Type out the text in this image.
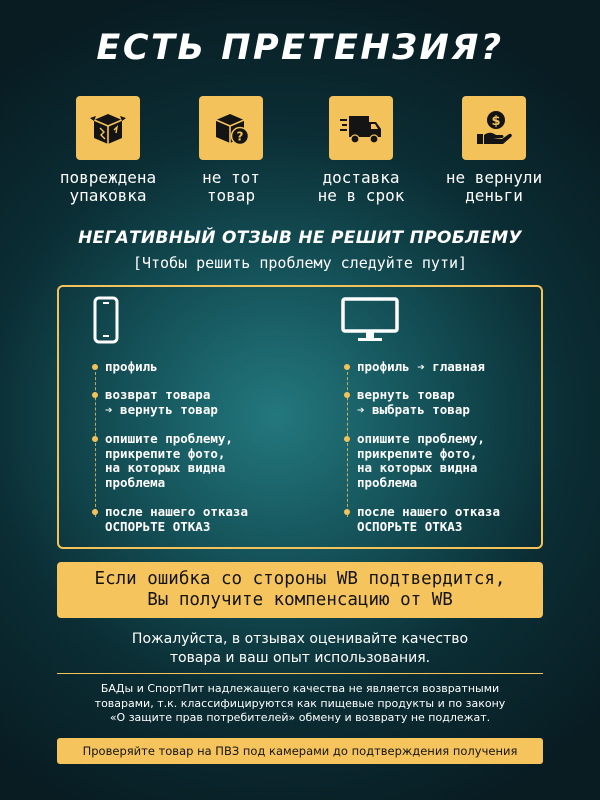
ЕСТЬ ПРЕТЕНЗИЯ?
повреждена
упаковка
?
не тот
товар
доставка
не в срок
$
не вернули
деньги
НЕГАТИВНЫЙ ОТЗЫВ НЕ РЕШИТ ПРОБЛЕМУ
[Чтобы решить проблему следуйте пути]
профиль
возврат товара
➔ вернуть товар
опишите проблему,
прикрепите фото,
на которых видна
проблема
после нашего отказа
ОСПОРЬТЕ ОТКАЗ
профиль ➔ главная
вернуть товар
➔ выбрать товар
опишите проблему,
прикрепите фото,
на которых видна
проблема
после нашего отказа
ОСПОРЬТЕ ОТКАЗ
Если ошибка со стороны WB подтвердится,
Вы получите компенсацию от WB
Пожалуйста, в отзывах оценивайте качество
товара и ваш опыт использования.
БАДы и СпортПит надлежащего качества не является возвратными
товарами, т.к. классифицируются как пищевые продукты и по закону
«О защите прав потребителей» обмену и возврату не подлежат.
Проверяйте товар на ПВЗ под камерами до подтверждения получения
